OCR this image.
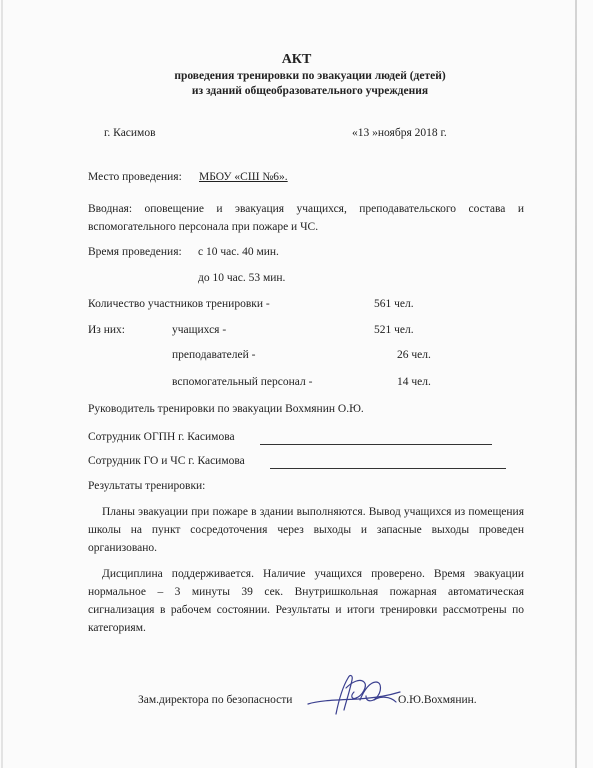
АКТ
проведения тренировки по эвакуации людей (детей)
из зданий общеобразовательного учреждения
г. Касимов	«13 »ноября 2018 г.
Место проведения: МБОУ «СШ №6».
Вводная: оповещение и эвакуация учащихся, преподавательского состава и вспомогательного персонала при пожаре и ЧС.
Время проведения: с 10 час. 40 мин.
до 10 час. 53 мин.
Количество участников тренировки -	561 чел.
Из них:	учащихся -	521 чел.
преподавателей -	26 чел.
вспомогательный персонал -	14 чел.
Руководитель тренировки по эвакуации Вохмянин О.Ю.
Сотрудник ОГПН г. Касимова
Сотрудник ГО и ЧС г. Касимова
Результаты тренировки:
Планы эвакуации при пожаре в здании выполняются. Вывод учащихся из помещения школы на пункт сосредоточения через выходы и запасные выходы проведен организовано.
Дисциплина поддерживается. Наличие учащихся проверено. Время эвакуации нормальное – 3 минуты 39 сек. Внутришкольная пожарная автоматическая сигнализация в рабочем состоянии. Результаты и итоги тренировки рассмотрены по категориям.
Зам.директора по безопасности	О.Ю.Вохмянин.
